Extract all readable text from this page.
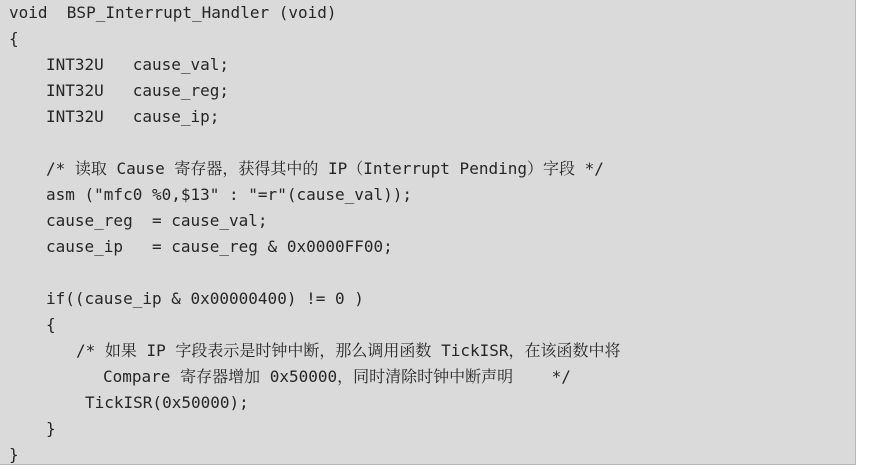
void  BSP_Interrupt_Handler (void)
{
INT32U   cause_val;
INT32U   cause_reg;
INT32U   cause_ip;
/* 读取 Cause 寄存器，获得其中的 IP（Interrupt Pending）字段 */
asm ("mfc0 %0,$13" : "=r"(cause_val));
cause_reg  = cause_val;
cause_ip   = cause_reg & 0x0000FF00;
if((cause_ip & 0x00000400) != 0 )
{
/* 如果 IP 字段表示是时钟中断，那么调用函数 TickISR，在该函数中将
Compare 寄存器增加 0x50000，同时清除时钟中断声明    */
TickISR(0x50000);
}
}
